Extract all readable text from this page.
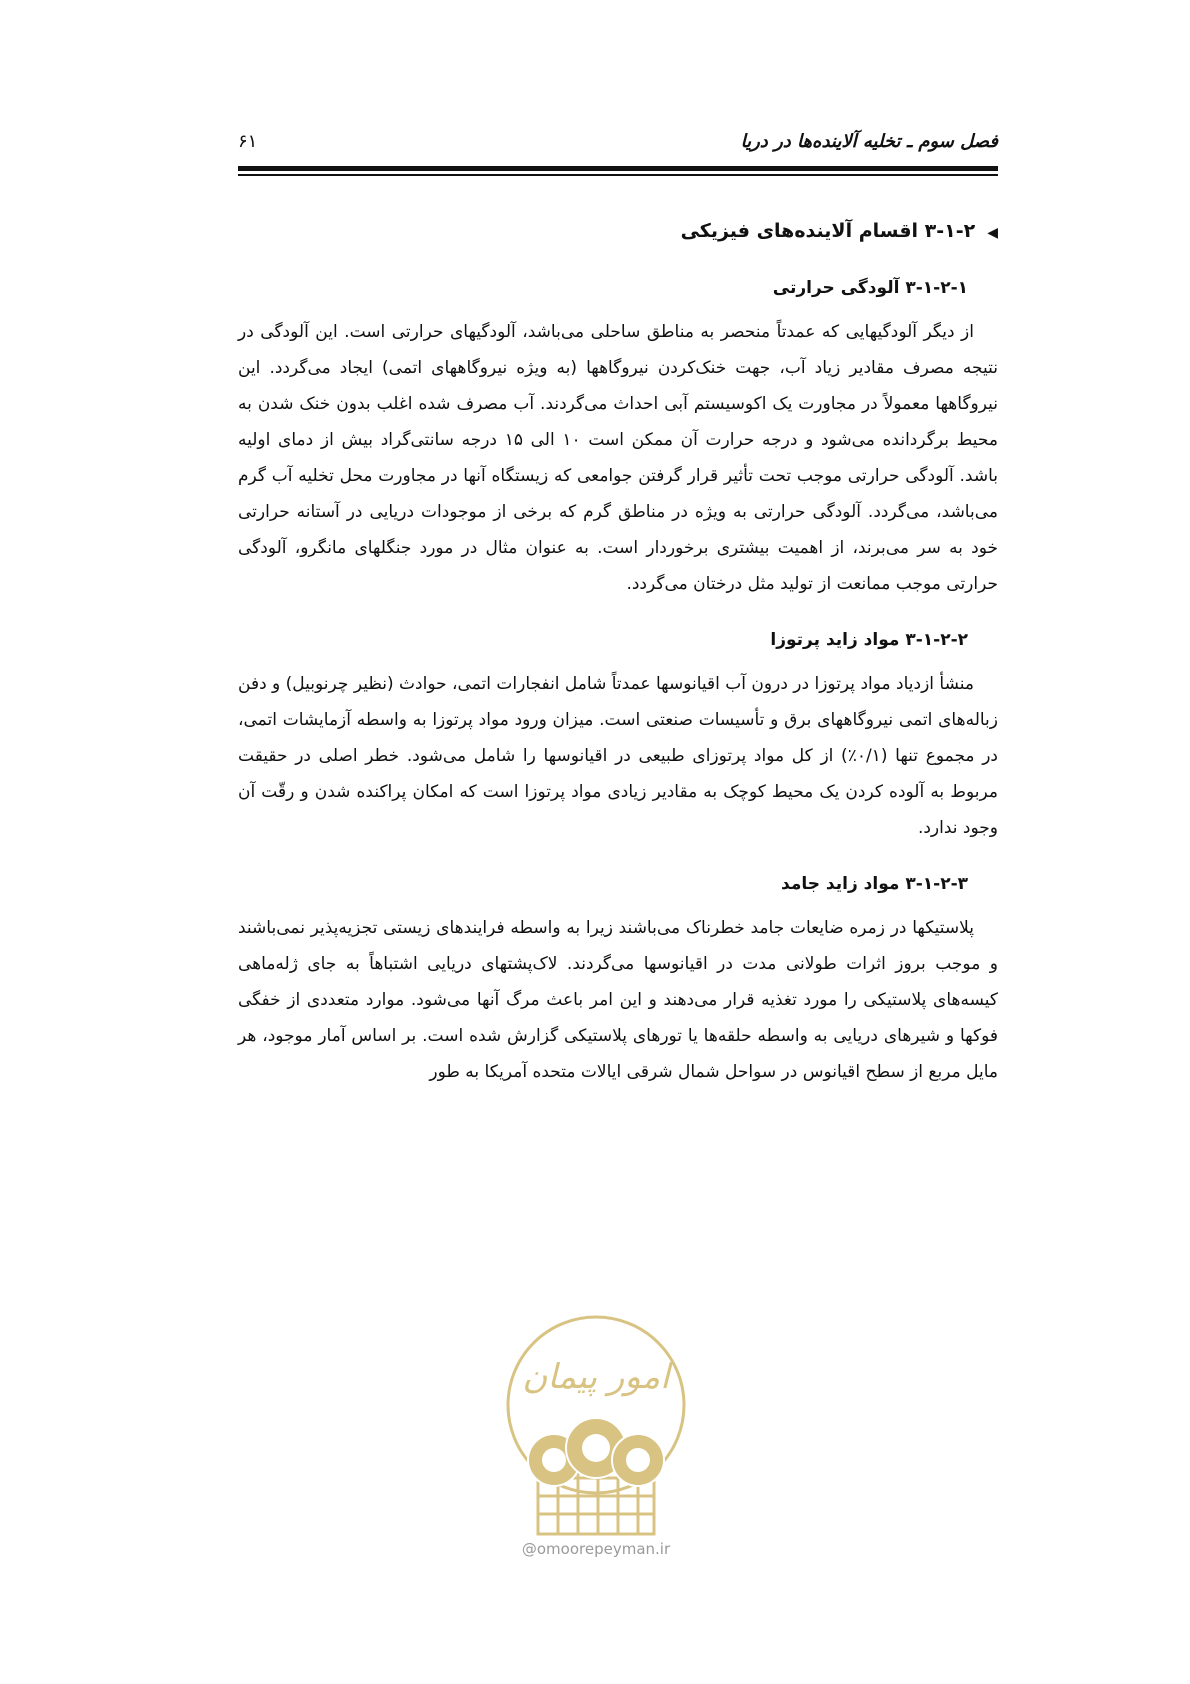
فصل سوم ـ تخلیه آلاینده‌ها در دریا
۶۱
◀۳-۱-۲ اقسام آلاینده‌های فیزیکی
۳-۱-۲-۱ آلودگی حرارتی

از دیگر آلودگیهایی که عمدتاً منحصر به مناطق ساحلی می‌باشد، آلودگیهای حرارتی است. این آلودگی در نتیجه مصرف مقادیر زیاد آب، جهت خنک‌کردن نیروگاهها (به ویژه نیروگاههای اتمی) ایجاد می‌گردد. این نیروگاهها معمولاً در مجاورت یک اکوسیستم آبی احداث می‌گردند. آب مصرف شده اغلب بدون خنک شدن به محیط برگردانده می‌شود و درجه حرارت آن ممکن است ۱۰ الی ۱۵ درجه سانتی‌گراد بیش از دمای اولیه باشد. آلودگی حرارتی موجب تحت تأثیر قرار گرفتن جوامعی که زیستگاه آنها در مجاورت محل تخلیه آب گرم می‌باشد، می‌گردد. آلودگی حرارتی به ویژه در مناطق گرم که برخی از موجودات دریایی در آستانه حرارتی خود به سر می‌برند، از اهمیت بیشتری برخوردار است. به عنوان مثال در مورد جنگلهای مانگرو، آلودگی حرارتی موجب ممانعت از تولید مثل درختان می‌گردد.

۳-۱-۲-۲ مواد زاید پرتوزا

منشأ ازدیاد مواد پرتوزا در درون آب اقیانوسها عمدتاً شامل انفجارات اتمی، حوادث (نظیر چرنوبیل) و دفن زباله‌های اتمی نیروگاههای برق و تأسیسات صنعتی است. میزان ورود مواد پرتوزا به واسطه آزمایشات اتمی، در مجموع تنها (۰/۱٪) از کل مواد پرتوزای طبیعی در اقیانوسها را شامل می‌شود. خطر اصلی در حقیقت مربوط به آلوده کردن یک محیط کوچک به مقادیر زیادی مواد پرتوزا است که امکان پراکنده شدن و رقّت آن وجود ندارد.

۳-۱-۲-۳ مواد زاید جامد

پلاستیکها در زمره ضایعات جامد خطرناک می‌باشند زیرا به واسطه فرایندهای زیستی تجزیه‌پذیر نمی‌باشند و موجب بروز اثرات طولانی مدت در اقیانوسها می‌گردند. لاک‌پشتهای دریایی اشتباهاً به جای ژله‌ماهی کیسه‌های پلاستیکی را مورد تغذیه قرار می‌دهند و این امر باعث مرگ آنها می‌شود. موارد متعددی از خفگی فوکها و شیرهای دریایی به واسطه حلقه‌ها یا تورهای پلاستیکی گزارش شده است. بر اساس آمار موجود، هر مایل مربع از سطح اقیانوس در سواحل شمال شرقی ایالات متحده آمریکا به طور

امور پیمان
@omoorepeyman.ir
